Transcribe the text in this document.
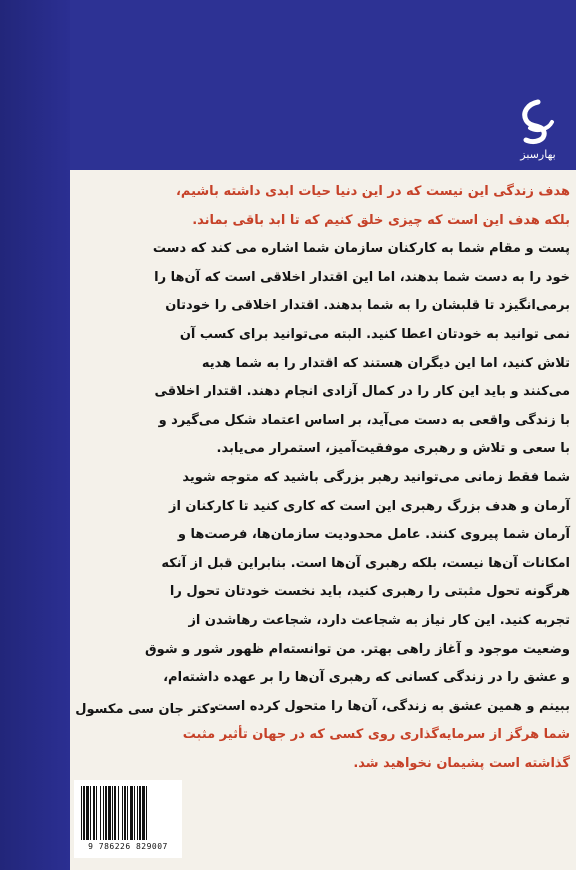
بهارسبز
هدف زندگی این نیست که در این دنیا حیات ابدی داشته باشیم،
بلکه هدف این است که چیزی خلق کنیم که تا ابد باقی بماند.
پست و مقام شما به کارکنان سازمان شما اشاره می کند که دست
خود را به دست شما بدهند، اما این اقتدار اخلاقی است که آن‌ها را
برمی‌انگیزد تا قلبشان را به شما بدهند. اقتدار اخلاقی را خودتان
نمی توانید به خودتان اعطا کنید. البته می‌توانید برای کسب آن
تلاش کنید، اما این دیگران هستند که اقتدار را به شما هدیه
می‌کنند و باید این کار را در کمال آزادی انجام دهند. اقتدار اخلاقی
با زندگی واقعی به دست می‌آید، بر اساس اعتماد شکل می‌گیرد و
با سعی و تلاش و رهبری موفقیت‌آمیز، استمرار می‌یابد.
شما فقط زمانی می‌توانید رهبر بزرگی باشید که متوجه شوید
آرمان و هدف بزرگ رهبری این است که کاری کنید تا کارکنان از
آرمان شما پیروی کنند. عامل محدودیت سازمان‌ها، فرصت‌ها و
امکانات آن‌ها نیست، بلکه رهبری آن‌ها است. بنابراین قبل از آنکه
هرگونه تحول مثبتی را رهبری کنید، باید نخست خودتان تحول را
تجربه کنید. این کار نیاز به شجاعت دارد، شجاعت رهاشدن از
وضعیت موجود و آغاز راهی بهتر. من توانسته‌ام ظهور شور و شوق
و عشق را در زندگی کسانی که رهبری آن‌ها را بر عهده داشته‌ام،
ببینم و همین عشق به زندگی، آن‌ها را متحول کرده است.
شما هرگز از سرمایه‌گذاری روی کسی که در جهان تأثیر مثبت
گذاشته است پشیمان نخواهید شد.
دکتر جان سی مکسول
9 786226 829007
